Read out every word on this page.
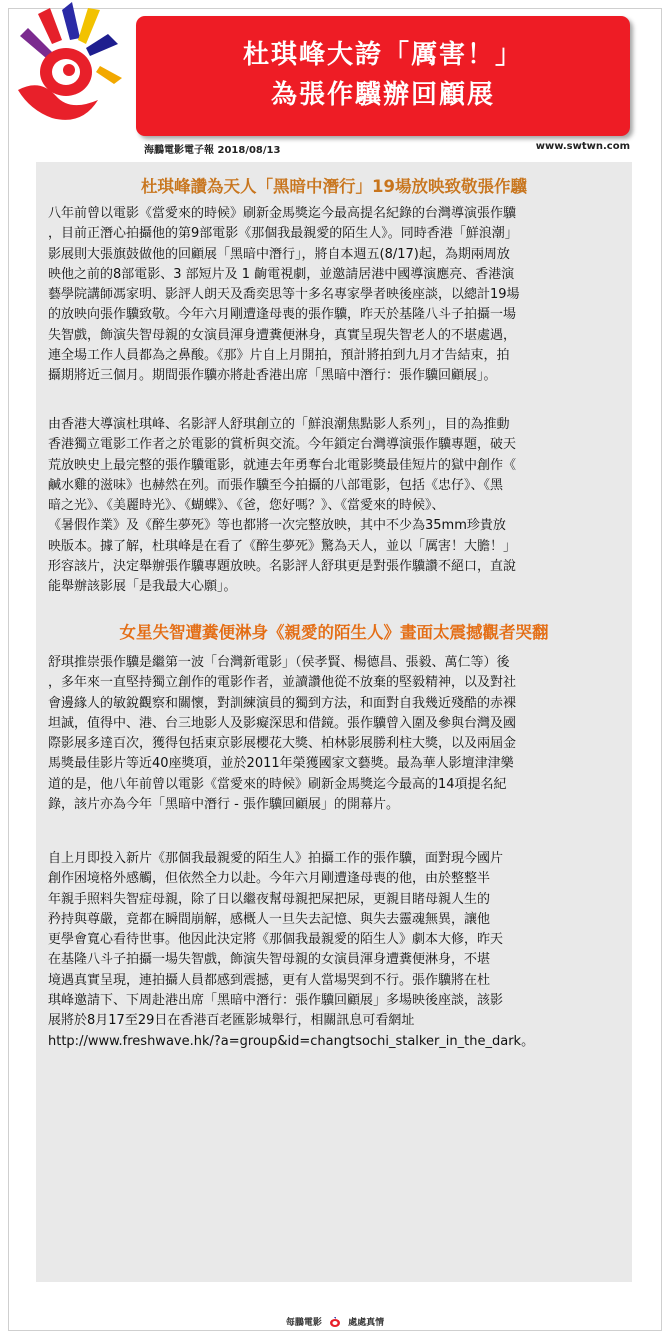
杜琪峰大誇「厲害！」
為張作驥辦回顧展
海鵬電影電子報 2018/08/13	www.swtwn.com
杜琪峰讚為天人「黑暗中潛行」19場放映致敬張作驥
八年前曾以電影《當愛來的時候》刷新金馬獎迄今最高提名紀錄的台灣導演張作驥
，目前正潛心拍攝他的第9部電影《那個我最親愛的陌生人》。同時香港「鮮浪潮」
影展則大張旗鼓做他的回顧展「黑暗中潛行」，將自本週五(8/17)起，為期兩周放
映他之前的8部電影、3 部短片及 1 齣電視劇，並邀請居港中國導演應亮、香港演
藝學院講師馮家明、影評人朗天及喬奕思等十多名專家學者映後座談，以總計19場
的放映向張作驥致敬。今年六月剛遭逢母喪的張作驥，昨天於基隆八斗子拍攝一場
失智戲，飾演失智母親的女演員渾身遭糞便淋身，真實呈現失智老人的不堪處遇，
連全場工作人員都為之鼻酸。《那》片自上月開拍，預計將拍到九月才告結束，拍
攝期將近三個月。期間張作驥亦將赴香港出席「黑暗中潛行：張作驥回顧展」。
由香港大導演杜琪峰、名影評人舒琪創立的「鮮浪潮焦點影人系列」，目的為推動
香港獨立電影工作者之於電影的賞析與交流。今年鎖定台灣導演張作驥專題，破天
荒放映史上最完整的張作驥電影，就連去年勇奪台北電影獎最佳短片的獄中創作《
鹹水雞的滋味》也赫然在列。而張作驥至今拍攝的八部電影，包括《忠仔》、《黑
暗之光》、《美麗時光》、《蝴蝶》、《爸，您好嗎？》、《當愛來的時候》、
《暑假作業》及《醉生夢死》等也都將一次完整放映，其中不少為35mm珍貴放
映版本。據了解，杜琪峰是在看了《醉生夢死》驚為天人，並以「厲害！大膽！」
形容該片，決定舉辦張作驥專題放映。名影評人舒琪更是對張作驥讚不絕口，直說
能舉辦該影展「是我最大心願」。
女星失智遭糞便淋身《親愛的陌生人》畫面太震撼觀者哭翻
舒琪推崇張作驥是繼第一波「台灣新電影」（侯孝賢、楊德昌、張毅、萬仁等）後
，多年來一直堅持獨立創作的電影作者，並讀讚他從不放棄的堅毅精神，以及對社
會邊緣人的敏銳觀察和關懷，對訓練演員的獨到方法，和面對自我幾近殘酷的赤裸
坦誠，值得中、港、台三地影人及影癡深思和借鏡。張作驥曾入圍及參與台灣及國
際影展多達百次，獲得包括東京影展櫻花大獎、柏林影展勝利柱大獎，以及兩屆金
馬獎最佳影片等近40座獎項，並於2011年榮獲國家文藝獎。最為華人影壇津津樂
道的是，他八年前曾以電影《當愛來的時候》刷新金馬獎迄今最高的14項提名紀
錄，該片亦為今年「黑暗中潛行 - 張作驥回顧展」的開幕片。
自上月即投入新片《那個我最親愛的陌生人》拍攝工作的張作驥，面對現今國片
創作困境格外感觸，但依然全力以赴。今年六月剛遭逢母喪的他，由於整整半
年親手照料失智症母親，除了日以繼夜幫母親把屎把尿，更親目睹母親人生的
矜持與尊嚴，竟都在瞬間崩解，感概人一旦失去記憶、與失去靈魂無異，讓他
更學會寬心看待世事。他因此決定將《那個我最親愛的陌生人》劇本大修，昨天
在基隆八斗子拍攝一場失智戲，飾演失智母親的女演員渾身遭糞便淋身，不堪
境遇真實呈現，連拍攝人員都感到震撼，更有人當場哭到不行。張作驥將在杜
琪峰邀請下、下周赴港出席「黑暗中潛行：張作驥回顧展」多場映後座談，該影
展將於8月17至29日在香港百老匯影城舉行，相關訊息可看網址
http://www.freshwave.hk/?a=group&id=changtsochi_stalker_in_the_dark。
每鵬電影	處處真情
